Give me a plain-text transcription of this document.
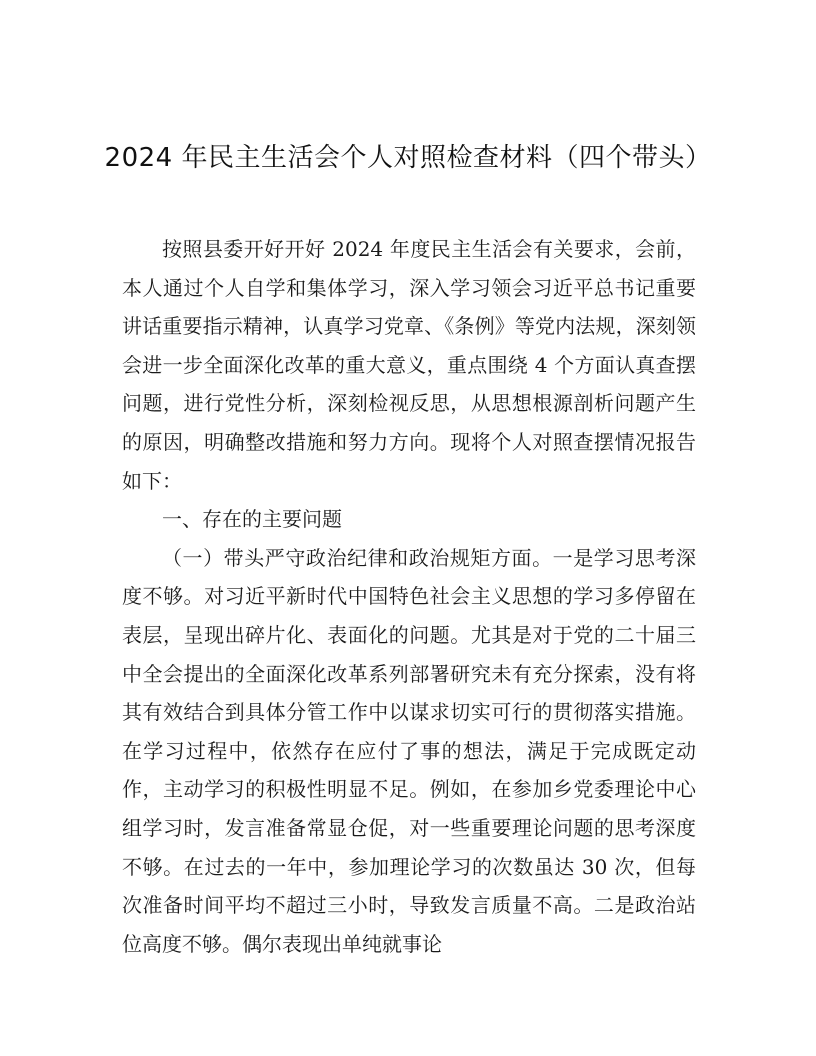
2024 年民主生活会个人对照检查材料（四个带头）

按照县委开好开好 2024 年度民主生活会有关要求，会前，本人通过个人自学和集体学习，深入学习领会习近平总书记重要讲话重要指示精神，认真学习党章、《条例》等党内法规，深刻领会进一步全面深化改革的重大意义，重点围绕 4 个方面认真查摆问题，进行党性分析，深刻检视反思，从思想根源剖析问题产生的原因，明确整改措施和努力方向。现将个人对照查摆情况报告如下：

一、存在的主要问题

（一）带头严守政治纪律和政治规矩方面。一是学习思考深度不够。对习近平新时代中国特色社会主义思想的学习多停留在表层，呈现出碎片化、表面化的问题。尤其是对于党的二十届三中全会提出的全面深化改革系列部署研究未有充分探索，没有将其有效结合到具体分管工作中以谋求切实可行的贯彻落实措施。在学习过程中，依然存在应付了事的想法，满足于完成既定动作，主动学习的积极性明显不足。例如，在参加乡党委理论中心组学习时，发言准备常显仓促，对一些重要理论问题的思考深度不够。在过去的一年中，参加理论学习的次数虽达 30 次，但每次准备时间平均不超过三小时，导致发言质量不高。二是政治站位高度不够。偶尔表现出单纯就事论
